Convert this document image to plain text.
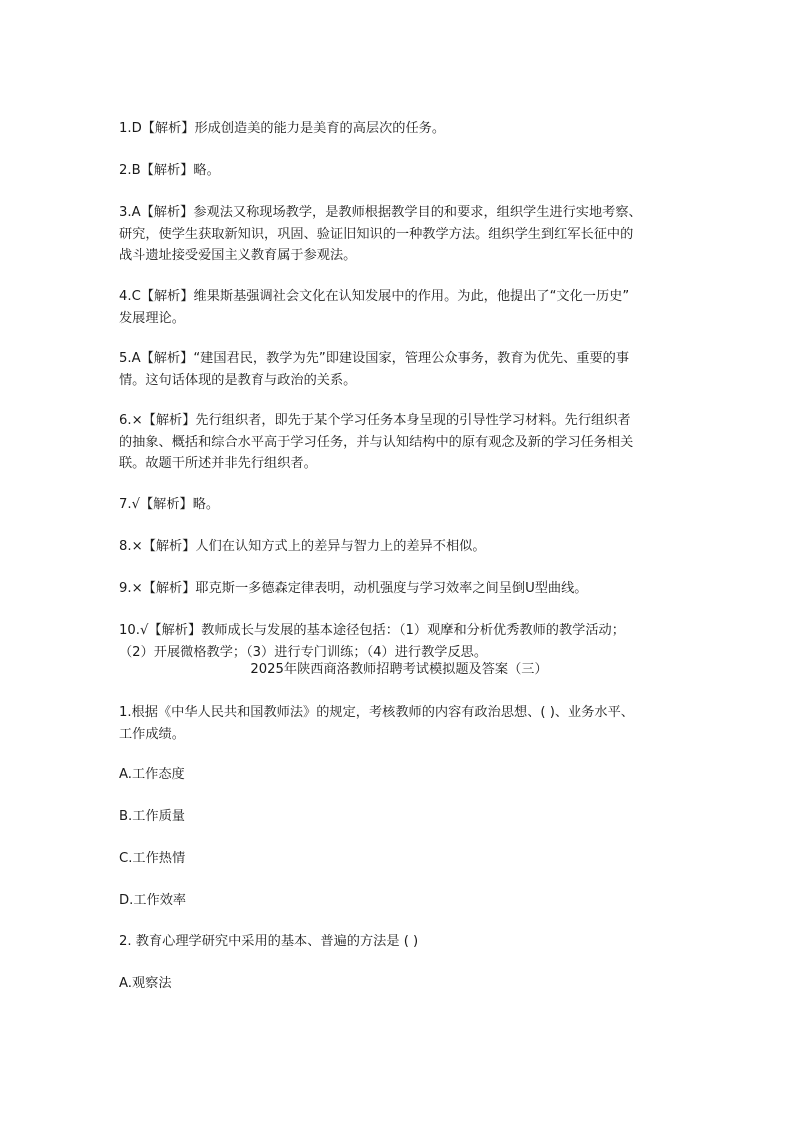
1.D【解析】形成创造美的能力是美育的高层次的任务。

2.B【解析】略。

3.A【解析】参观法又称现场教学，是教师根据教学目的和要求，组织学生进行实地考察、
研究，使学生获取新知识，巩固、验证旧知识的一种教学方法。组织学生到红军长征中的
战斗遗址接受爱国主义教育属于参观法。

4.C【解析】维果斯基强调社会文化在认知发展中的作用。为此，他提出了“文化一历史”
发展理论。

5.A【解析】“建国君民，教学为先”即建设国家，管理公众事务，教育为优先、重要的事
情。这句话体现的是教育与政治的关系。

6.×【解析】先行组织者，即先于某个学习任务本身呈现的引导性学习材料。先行组织者
的抽象、概括和综合水平高于学习任务，并与认知结构中的原有观念及新的学习任务相关
联。故题干所述并非先行组织者。

7.√【解析】略。

8.×【解析】人们在认知方式上的差异与智力上的差异不相似。

9.×【解析】耶克斯一多德森定律表明，动机强度与学习效率之间呈倒U型曲线。

10.√【解析】教师成长与发展的基本途径包括：（1）观摩和分析优秀教师的教学活动；
（2）开展微格教学；（3）进行专门训练；（4）进行教学反思。

2025年陕西商洛教师招聘考试模拟题及答案（三）

1.根据《中华人民共和国教师法》的规定，考核教师的内容有政治思想、( )、业务水平、
工作成绩。

A.工作态度

B.工作质量

C.工作热情

D.工作效率

2. 教育心理学研究中采用的基本、普遍的方法是 ( )

A.观察法
